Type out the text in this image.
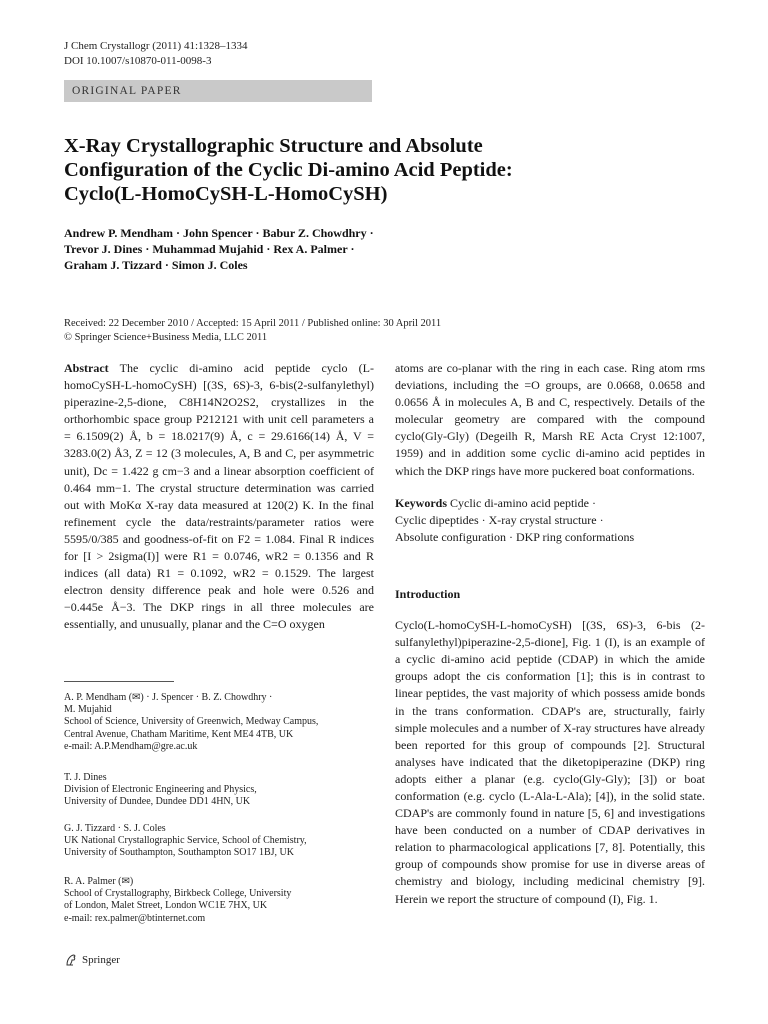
J Chem Crystallogr (2011) 41:1328–1334
DOI 10.1007/s10870-011-0098-3
ORIGINAL PAPER
X-Ray Crystallographic Structure and Absolute
Configuration of the Cyclic Di-amino Acid Peptide:
Cyclo(L-HomoCySH-L-HomoCySH)
Andrew P. Mendham · John Spencer · Babur Z. Chowdhry ·
Trevor J. Dines · Muhammad Mujahid · Rex A. Palmer ·
Graham J. Tizzard · Simon J. Coles
Received: 22 December 2010 / Accepted: 15 April 2011 / Published online: 30 April 2011
© Springer Science+Business Media, LLC 2011
Abstract The cyclic di-amino acid peptide cyclo (L-homoCySH-L-homoCySH) [(3S, 6S)-3, 6-bis(2-sulfanylethyl) piperazine-2,5-dione, C8H14N2O2S2, crystallizes in the orthorhombic space group P212121 with unit cell parameters a = 6.1509(2) Å, b = 18.0217(9) Å, c = 29.6166(14) Å, V = 3283.0(2) Å3, Z = 12 (3 molecules, A, B and C, per asymmetric unit), Dc = 1.422 g cm−3 and a linear absorption coefficient of 0.464 mm−1. The crystal structure determination was carried out with MoKα X-ray data measured at 120(2) K. In the final refinement cycle the data/restraints/parameter ratios were 5595/0/385 and goodness-of-fit on F2 = 1.084. Final R indices for [I > 2sigma(I)] were R1 = 0.0746, wR2 = 0.1356 and R indices (all data) R1 = 0.1092, wR2 = 0.1529. The largest electron density difference peak and hole were 0.526 and −0.445e Å−3. The DKP rings in all three molecules are essentially, and unusually, planar and the C=O oxygen
atoms are co-planar with the ring in each case. Ring atom rms deviations, including the =O groups, are 0.0668, 0.0658 and 0.0656 Å in molecules A, B and C, respectively. Details of the molecular geometry are compared with the compound cyclo(Gly-Gly) (Degeilh R, Marsh RE Acta Cryst 12:1007, 1959) and in addition some cyclic di-amino acid peptides in which the DKP rings have more puckered boat conformations.
Keywords Cyclic di-amino acid peptide ·
Cyclic dipeptides · X-ray crystal structure ·
Absolute configuration · DKP ring conformations
Introduction
Cyclo(L-homoCySH-L-homoCySH) [(3S, 6S)-3, 6-bis (2-sulfanylethyl)piperazine-2,5-dione], Fig. 1 (I), is an example of a cyclic di-amino acid peptide (CDAP) in which the amide groups adopt the cis conformation [1]; this is in contrast to linear peptides, the vast majority of which possess amide bonds in the trans conformation. CDAP's are, structurally, fairly simple molecules and a number of X-ray structures have already been reported for this group of compounds [2]. Structural analyses have indicated that the diketopiperazine (DKP) ring adopts either a planar (e.g. cyclo(Gly-Gly); [3]) or boat conformation (e.g. cyclo (L-Ala-L-Ala); [4]), in the solid state. CDAP's are commonly found in nature [5, 6] and investigations have been conducted on a number of CDAP derivatives in relation to pharmacological applications [7, 8]. Potentially, this group of compounds show promise for use in diverse areas of chemistry and biology, including medicinal chemistry [9]. Herein we report the structure of compound (I), Fig. 1.
A. P. Mendham (✉) · J. Spencer · B. Z. Chowdhry ·
M. Mujahid
School of Science, University of Greenwich, Medway Campus,
Central Avenue, Chatham Maritime, Kent ME4 4TB, UK
e-mail: A.P.Mendham@gre.ac.uk
T. J. Dines
Division of Electronic Engineering and Physics,
University of Dundee, Dundee DD1 4HN, UK
G. J. Tizzard · S. J. Coles
UK National Crystallographic Service, School of Chemistry,
University of Southampton, Southampton SO17 1BJ, UK
R. A. Palmer (✉)
School of Crystallography, Birkbeck College, University
of London, Malet Street, London WC1E 7HX, UK
e-mail: rex.palmer@btinternet.com
Springer
